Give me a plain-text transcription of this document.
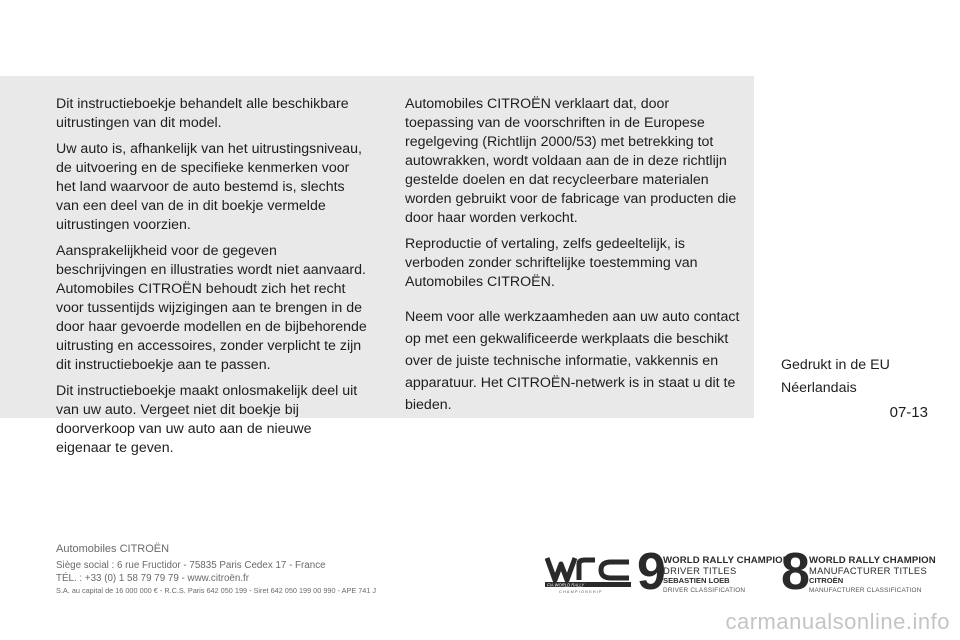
Dit instructieboekje behandelt alle beschikbare uitrustingen van dit model.

Uw auto is, afhankelijk van het uitrustingsniveau, de uitvoering en de specifieke kenmerken voor het land waarvoor de auto bestemd is, slechts van een deel van de in dit boekje vermelde uitrustingen voorzien.

Aansprakelijkheid voor de gegeven beschrijvingen en illustraties wordt niet aanvaard. Automobiles CITROËN behoudt zich het recht voor tussentijds wijzigingen aan te brengen in de door haar gevoerde modellen en de bijbehorende uitrusting en accessoires, zonder verplicht te zijn dit instructieboekje aan te passen.

Dit instructieboekje maakt onlosmakelijk deel uit van uw auto. Vergeet niet dit boekje bij doorverkoop van uw auto aan de nieuwe eigenaar te geven.

Automobiles CITROËN verklaart dat, door toepassing van de voorschriften in de Europese regelgeving (Richtlijn 2000/53) met betrekking tot autowrakken, wordt voldaan aan de in deze richtlijn gestelde doelen en dat recycleerbare materialen worden gebruikt voor de fabricage van producten die door haar worden verkocht.

Reproductie of vertaling, zelfs gedeeltelijk, is verboden zonder schriftelijke toestemming van Automobiles CITROËN.

Neem voor alle werkzaamheden aan uw auto contact op met een gekwalificeerde werkplaats die beschikt over de juiste technische informatie, vakkennis en apparatuur. Het CITROËN-netwerk is in staat u dit te bieden.

Gedrukt in de EU
Néerlandais
07-13
Automobiles CITROËN
Siège social : 6 rue Fructidor - 75835 Paris Cedex 17 - France
TÉL. : +33 (0) 1 58 79 79 79 - www.citroën.fr
S.A. au capital de 16 000 000 € - R.C.S. Paris 642 050 199 - Siret 642 050 199 00 990 - APE 741 J
FIA WORLD RALLY
CHAMPIONSHIP 9
WORLD RALLY CHAMPION
DRIVER TITLES
SEBASTIEN LOEB
DRIVER CLASSIFICATION 8 WORLD RALLY CHAMPION
MANUFACTURER TITLES
CITROËN
MANUFACTURER CLASSIFICATION
carmanualsonline.info
